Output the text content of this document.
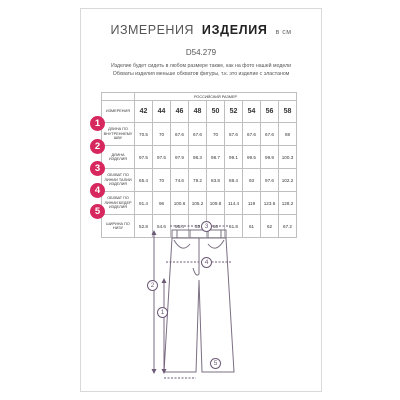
ИЗМЕРЕНИЯ ИЗДЕЛИЯ в см
D54.279
Изделие будет сидеть в любом размере также, как на фото нашей модели
Обхваты изделия меньше обхватов фигуры, т.к. это изделие с эластаном
	РОССИЙСКИЙ РАЗМЕР								
ИЗМЕРЕНИЯ	42	44	46	48	50	52	54	56	58
ДЛИНА ПО ВНУТРЕННЕМУ ШВУ	70.5	70	67.6	67.6	70	67.6	67.6	67.6	69
ДЛИНА ИЗДЕЛИЯ	97.5	97.5	97.9	98.3	98.7	99.1	99.5	99.9	100.3
ОБХВАТ ПО ЛИНИИ ТАЛИИ ИЗДЕЛИЯ	65.4	70	74.6	79.2	83.8	88.4	93	97.6	102.2
ОБХВАТ ПО ЛИНИИ БЕДЕР ИЗДЕЛИЯ	91.4	96	100.6	105.2	109.8	114.4	119	123.6	128.2
ШИРИНА ПО НИЗУ	52.8	54.6	56.4	55	60	61.8	61	62	67.2
1
2
3
4
5
3
4
2
1
5
